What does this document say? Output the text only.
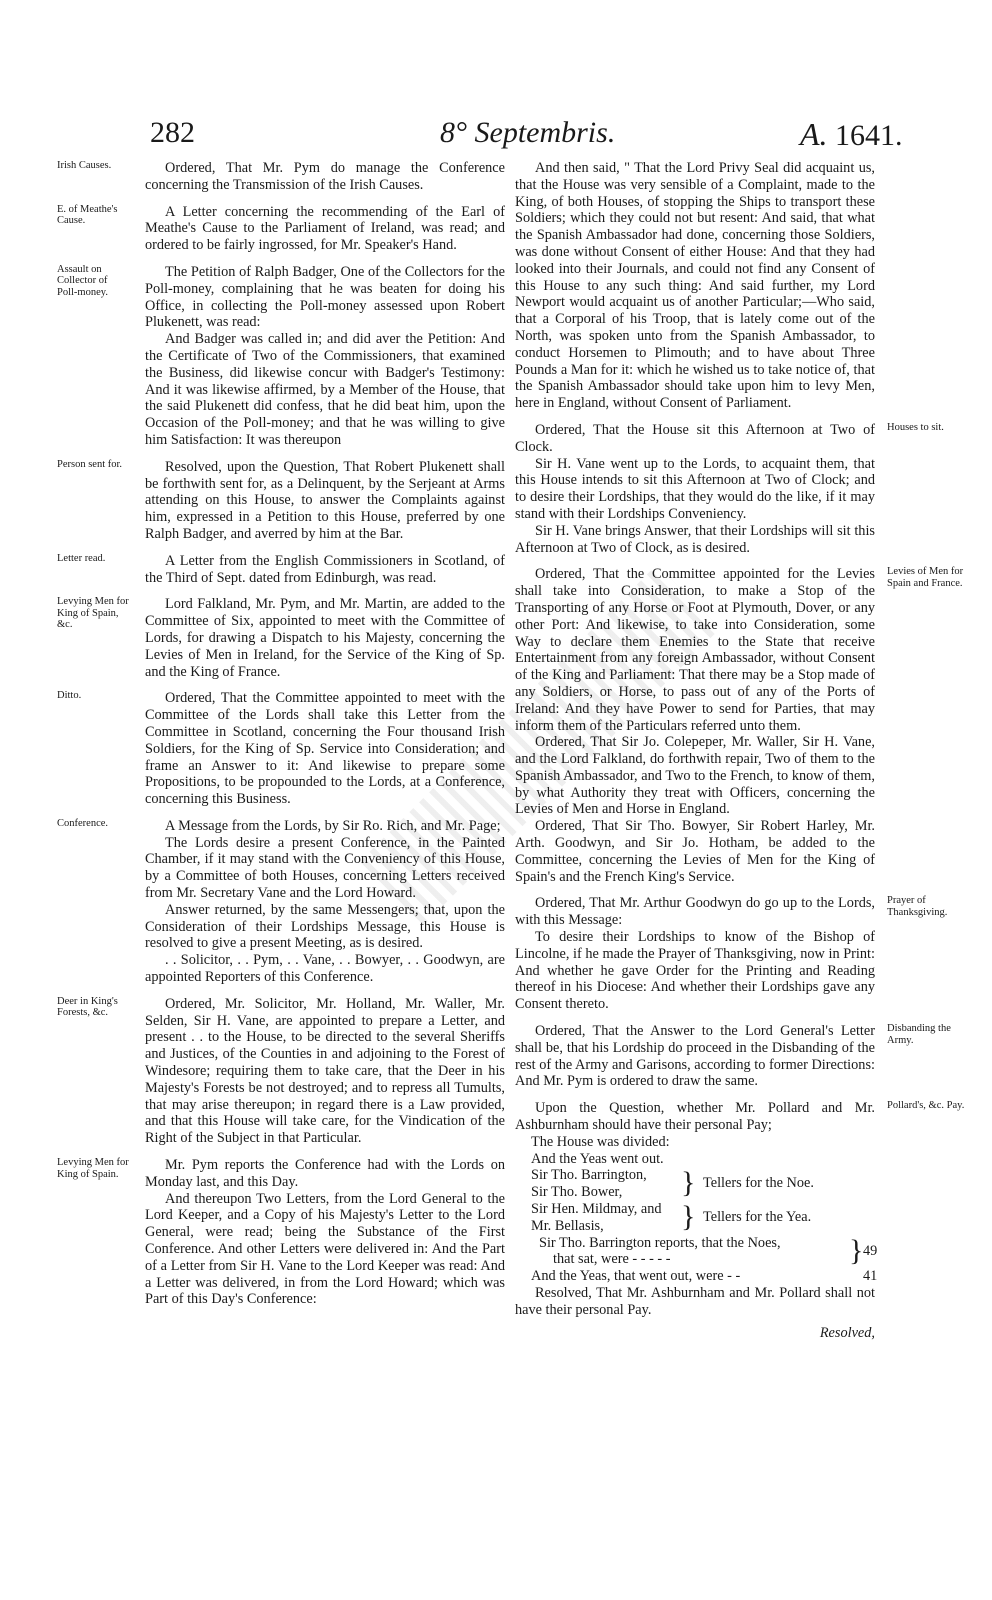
282	8° Septembris.	A. 1641.
Irish Causes.	Ordered, That Mr. Pym do manage the Conference concerning the Transmission of the Irish Causes.

E. of Meathe's Cause.

A Letter concerning the recommending of the Earl of Meathe's Cause to the Parliament of Ireland, was read; and ordered to be fairly ingrossed, for Mr. Speaker's Hand.

Assault on Collector of Poll-money.

The Petition of Ralph Badger, One of the Collectors for the Poll-money, complaining that he was beaten for doing his Office, in collecting the Poll-money assessed upon Robert Plukenett, was read:

And Badger was called in; and did aver the Petition: And the Certificate of Two of the Commissioners, that examined the Business, did likewise concur with Badger's Testimony: And it was likewise affirmed, by a Member of the House, that the said Plukenett did confess, that he did beat him, upon the Occasion of the Poll-money; and that he was willing to give him Satisfaction: It was thereupon

Person sent for.	Resolved, upon the Question, That Robert Plukenett shall be forthwith sent for, as a Delinquent, by the Serjeant at Arms attending on this House, to answer the Complaints against him, expressed in a Petition to this House, preferred by one Ralph Badger, and averred by him at the Bar.

Letter read.	A Letter from the English Commissioners in Scotland, of the Third of Sept. dated from Edinburgh, was read.

Levying Men for King of Spain, &c.

Lord Falkland, Mr. Pym, and Mr. Martin, are added to the Committee of Six, appointed to meet with the Committee of Lords, for drawing a Dispatch to his Majesty, concerning the Levies of Men in Ireland, for the Service of the King of Sp. and the King of France.

Ditto.	Ordered, That the Committee appointed to meet with the Committee of the Lords shall take this Letter from the Committee in Scotland, concerning the Four thousand Irish Soldiers, for the King of Sp. Service into Consideration; and frame an Answer to it: And likewise to prepare some Propositions, to be propounded to the Lords, at a Conference, concerning this Business.

Conference.	A Message from the Lords, by Sir Ro. Rich, and Mr. Page;

The Lords desire a present Conference, in the Painted Chamber, if it may stand with the Conveniency of this House, by a Committee of both Houses, concerning Letters received from Mr. Secretary Vane and the Lord Howard.

Answer returned, by the same Messengers; that, upon the Consideration of their Lordships Message, this House is resolved to give a present Meeting, as is desired.

. . Solicitor, . . Pym, . . Vane, . . Bowyer, . . Goodwyn, are appointed Reporters of this Conference.

Deer in King's Forests, &c.

Ordered, Mr. Solicitor, Mr. Holland, Mr. Waller, Mr. Selden, Sir H. Vane, are appointed to prepare a Letter, and present . . to the House, to be directed to the several Sheriffs and Justices, of the Counties in and adjoining to the Forest of Windesore; requiring them to take care, that the Deer in his Majesty's Forests be not destroyed; and to repress all Tumults, that may arise thereupon; in regard there is a Law provided, and that this House will take care, for the Vindication of the Right of the Subject in that Particular.

Levying Men for King of Spain.

Mr. Pym reports the Conference had with the Lords on Monday last, and this Day.

And thereupon Two Letters, from the Lord General to the Lord Keeper, and a Copy of his Majesty's Letter to the Lord General, were read; being the Substance of the First Conference. And other Letters were delivered in: And the Part of a Letter from Sir H. Vane to the Lord Keeper was read: And a Letter was delivered, in from the Lord Howard; which was Part of this Day's Conference:

And then said, " That the Lord Privy Seal did acquaint us, that the House was very sensible of a Complaint, made to the King, of both Houses, of stopping the Ships to transport these Soldiers; which they could not but resent: And said, that what the Spanish Ambassador had done, concerning those Soldiers, was done without Consent of either House: And that they had looked into their Journals, and could not find any Consent of this House to any such thing: And said further, my Lord Newport would acquaint us of another Particular;—Who said, that a Corporal of his Troop, that is lately come out of the North, was spoken unto from the Spanish Ambassador, to conduct Horsemen to Plimouth; and to have about Three Pounds a Man for it: which he wished us to take notice of, that the Spanish Ambassador should take upon him to levy Men, here in England, without Consent of Parliament.

Houses to sit.

Ordered, That the House sit this Afternoon at Two of Clock.

Sir H. Vane went up to the Lords, to acquaint them, that this House intends to sit this Afternoon at Two of Clock; and to desire their Lordships, that they would do the like, if it may stand with their Lordships Conveniency.

Sir H. Vane brings Answer, that their Lordships will sit this Afternoon at Two of Clock, as is desired.

Levies of Men for Spain and France.

Ordered, That the Committee appointed for the Levies shall take into Consideration, to make a Stop of the Transporting of any Horse or Foot at Plymouth, Dover, or any other Port: And likewise, to take into Consideration, some Way to declare them Enemies to the State that receive Entertainment from any foreign Ambassador, without Consent of the King and Parliament: That there may be a Stop made of any Soldiers, or Horse, to pass out of any of the Ports of Ireland: And they have Power to send for Parties, that may inform them of the Particulars referred unto them.

Ordered, That Sir Jo. Colepeper, Mr. Waller, Sir H. Vane, and the Lord Falkland, do forthwith repair, Two of them to the Spanish Ambassador, and Two to the French, to know of them, by what Authority they treat with Officers, concerning the Levies of Men and Horse in England.

Ordered, That Sir Tho. Bowyer, Sir Robert Harley, Mr. Arth. Goodwyn, and Sir Jo. Hotham, be added to the Committee, concerning the Levies of Men for the King of Spain's and the French King's Service.

Prayer of Thanksgiving.

Ordered, That Mr. Arthur Goodwyn do go up to the Lords, with this Message:

To desire their Lordships to know of the Bishop of Lincolne, if he made the Prayer of Thanksgiving, now in Print: And whether he gave Order for the Printing and Reading thereof in his Diocese: And whether their Lordships gave any Consent thereto.

Disbanding the Army.

Ordered, That the Answer to the Lord General's Letter shall be, that his Lordship do proceed in the Disbanding of the rest of the Army and Garisons, according to former Directions: And Mr. Pym is ordered to draw the same.

Pollard's, &c. Pay.

Upon the Question, whether Mr. Pollard and Mr. Ashburnham should have their personal Pay;

The House was divided:
And the Yeas went out.
Sir Tho. Barrington,
Sir Tho. Bower,	} Tellers for the Noe.
Sir Hen. Mildmay, and
Mr. Bellasis,	} Tellers for the Yea.
Sir Tho. Barrington reports, that the Noes,
that sat, were - - - - -	} 49
And the Yeas, that went out, were - -	41

Resolved, That Mr. Ashburnham and Mr. Pollard shall not have their personal Pay.

Resolved,
